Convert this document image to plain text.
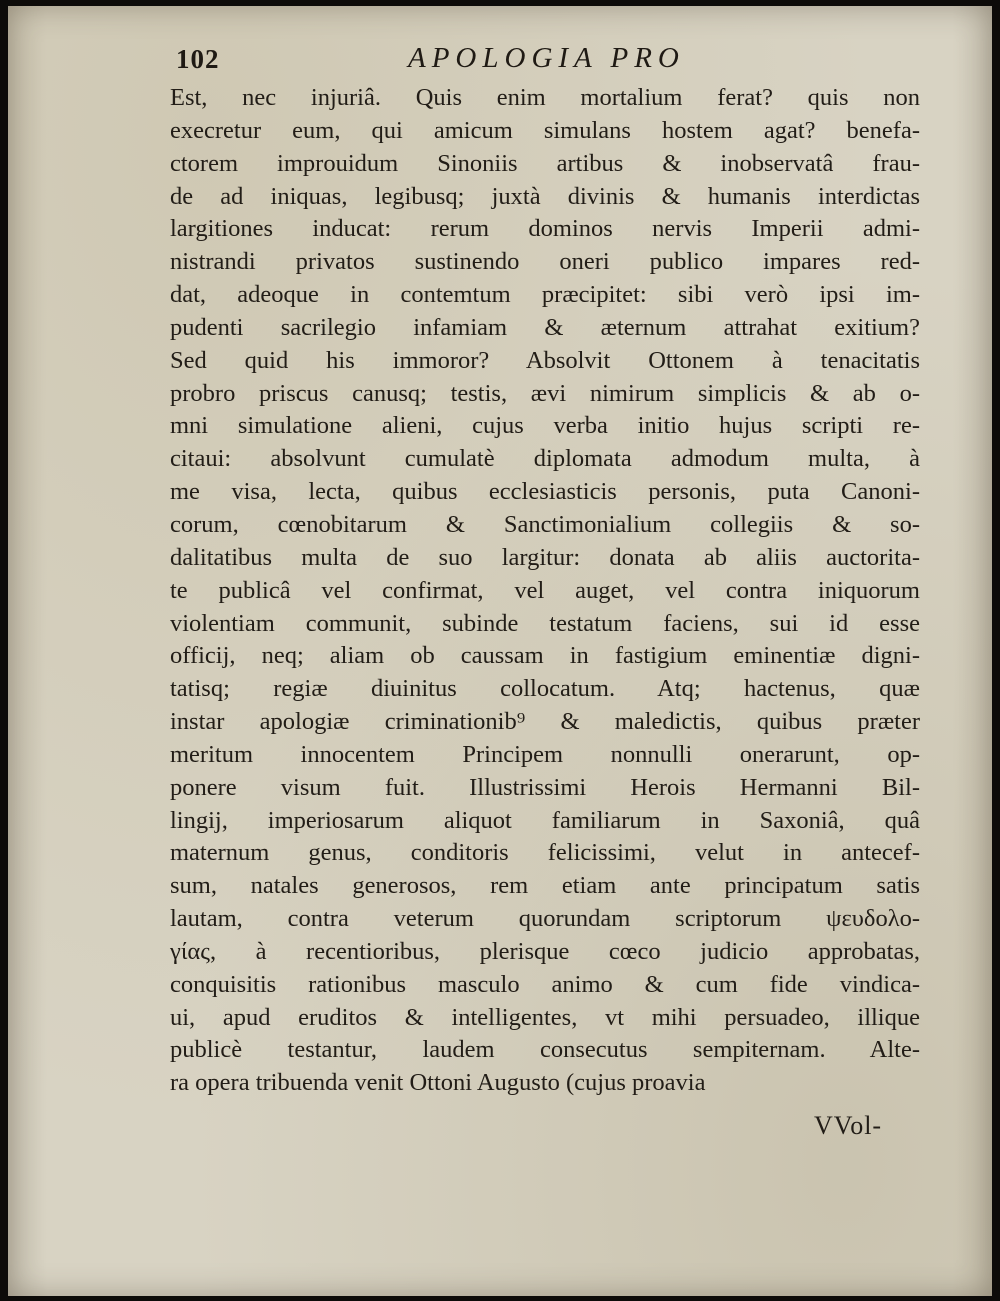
102	APOLOGIA PRO
Est, nec injuriâ. Quis enim mortalium ferat? quis non
execretur eum, qui amicum simulans hostem agat? benefa-
ctorem improuidum Sinoniis artibus & inobservatâ frau-
de ad iniquas, legibusq; juxtà divinis & humanis interdictas
largitiones inducat: rerum dominos nervis Imperii admi-
nistrandi privatos sustinendo oneri publico impares red-
dat, adeoque in contemtum præcipitet: sibi verò ipsi im-
pudenti sacrilegio infamiam & æternum attrahat exitium?
Sed quid his immoror? Absolvit Ottonem à tenacitatis
probro priscus canusq; testis, ævi nimirum simplicis & ab o-
mni simulatione alieni, cujus verba initio hujus scripti re-
citaui: absolvunt cumulatè diplomata admodum multa, à
me visa, lecta, quibus ecclesiasticis personis, puta Canoni-
corum, cœnobitarum & Sanctimonialium collegiis & so-
dalitatibus multa de suo largitur: donata ab aliis auctorita-
te publicâ vel confirmat, vel auget, vel contra iniquorum
violentiam communit, subinde testatum faciens, sui id esse
officij, neq; aliam ob caussam in fastigium eminentiæ digni-
tatisq; regiæ diuinitus collocatum. Atq; hactenus, quæ
instar apologiæ criminationib⁹ & maledictis, quibus præter
meritum innocentem Principem nonnulli onerarunt, op-
ponere visum fuit. Illustrissimi Herois Hermanni Bil-
lingij, imperiosarum aliquot familiarum in Saxoniâ, quâ
maternum genus, conditoris felicissimi, velut in antecef-
sum, natales generosos, rem etiam ante principatum satis
lautam, contra veterum quorundam scriptorum ψευδολο-
γίας, à recentioribus, plerisque cœco judicio approbatas,
conquisitis rationibus masculo animo & cum fide vindica-
ui, apud eruditos & intelligentes, vt mihi persuadeo, illique
publicè testantur, laudem consecutus sempiternam. Alte-
ra opera tribuenda venit Ottoni Augusto (cujus proavia
VVol-
